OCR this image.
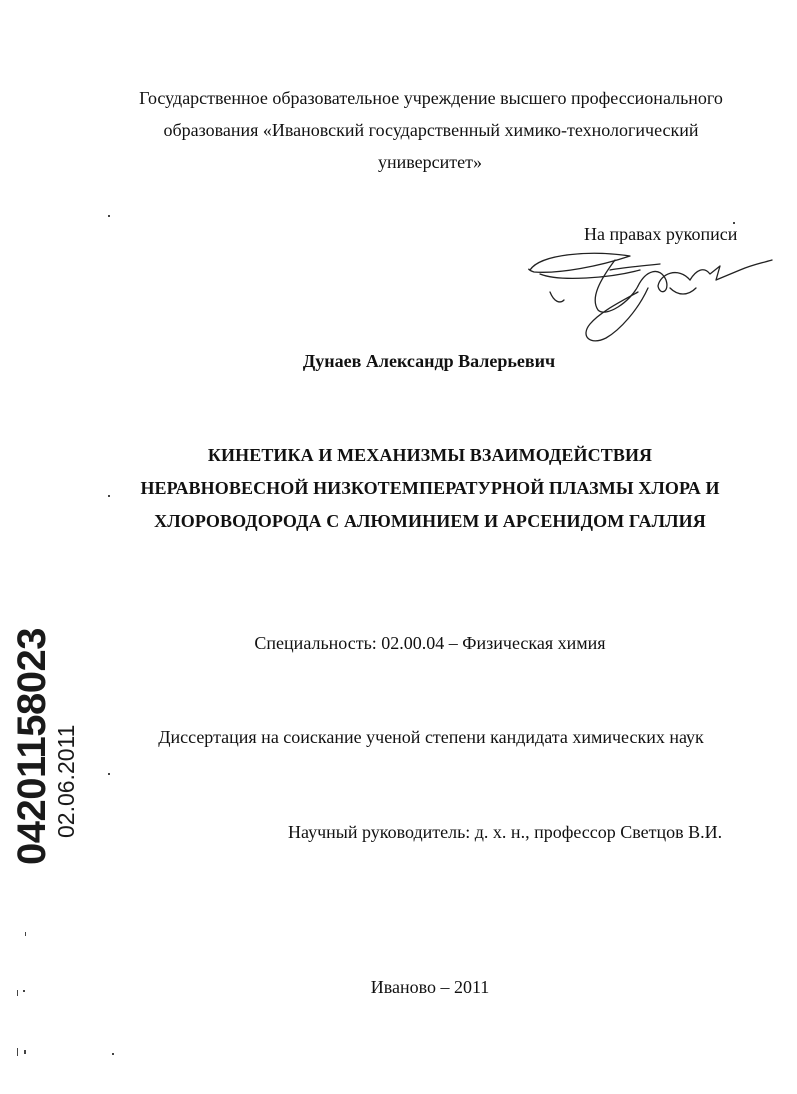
Государственное образовательное учреждение высшего профессионального
образования «Ивановский государственный химико-технологический
университет»
На правах рукописи
Дунаев Александр Валерьевич
КИНЕТИКА И МЕХАНИЗМЫ ВЗАИМОДЕЙСТВИЯ
НЕРАВНОВЕСНОЙ НИЗКОТЕМПЕРАТУРНОЙ ПЛАЗМЫ ХЛОРА И
ХЛОРОВОДОРОДА С АЛЮМИНИЕМ И АРСЕНИДОМ ГАЛЛИЯ
Специальность: 02.00.04 – Физическая химия
Диссертация на соискание ученой степени кандидата химических наук
Научный руководитель: д. х. н., профессор Светцов В.И.
Иваново – 2011
04201158023 02.06.2011
